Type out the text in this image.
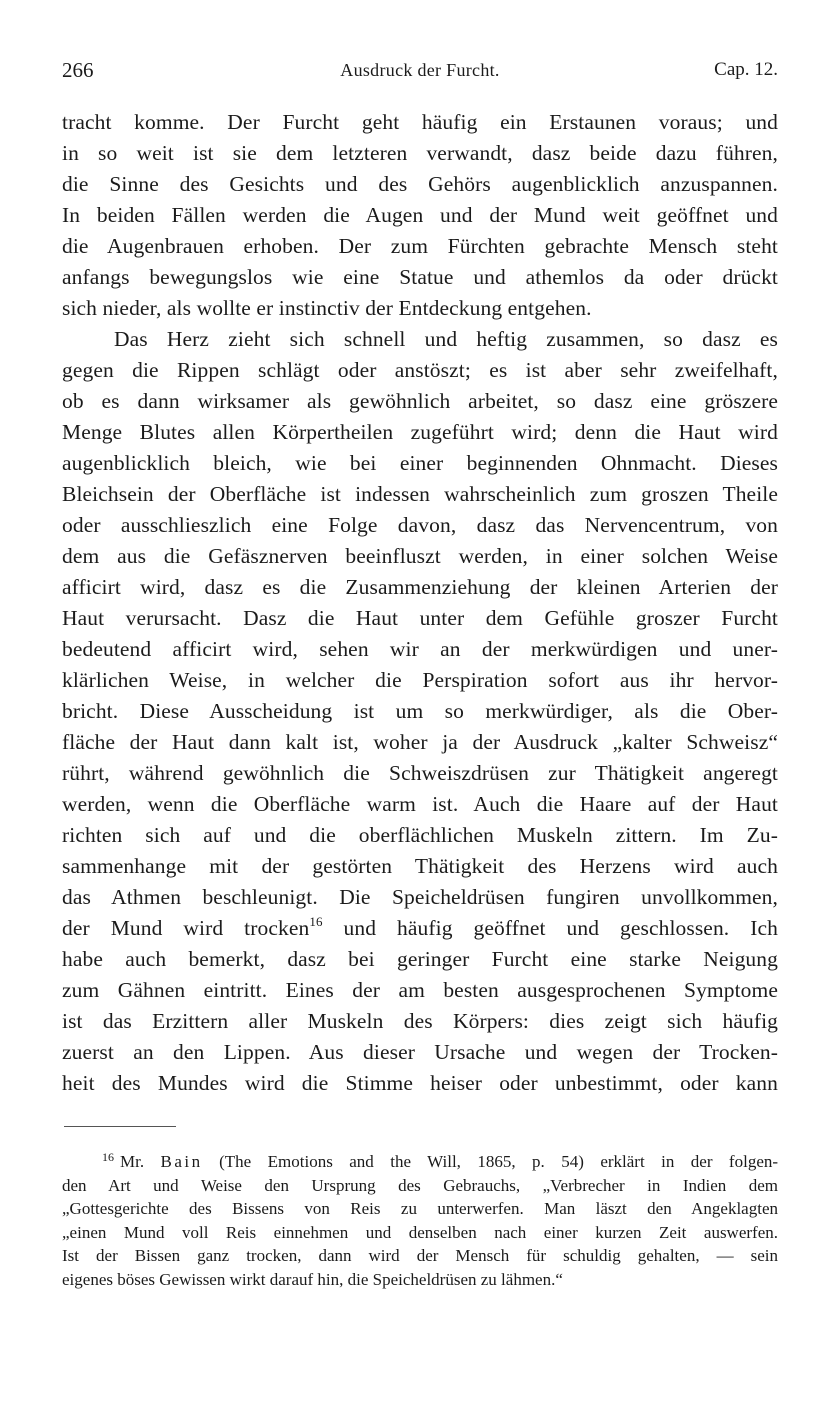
266	Ausdruck der Furcht.	Cap. 12.
tracht komme. Der Furcht geht häufig ein Erstaunen voraus; und
in so weit ist sie dem letzteren verwandt, dasz beide dazu führen,
die Sinne des Gesichts und des Gehörs augenblicklich anzuspannen.
In beiden Fällen werden die Augen und der Mund weit geöffnet und
die Augenbrauen erhoben. Der zum Fürchten gebrachte Mensch steht
anfangs bewegungslos wie eine Statue und athemlos da oder drückt
sich nieder, als wollte er instinctiv der Entdeckung entgehen.
Das Herz zieht sich schnell und heftig zusammen, so dasz es
gegen die Rippen schlägt oder anstöszt; es ist aber sehr zweifelhaft,
ob es dann wirksamer als gewöhnlich arbeitet, so dasz eine gröszere
Menge Blutes allen Körpertheilen zugeführt wird; denn die Haut wird
augenblicklich bleich, wie bei einer beginnenden Ohnmacht. Dieses
Bleichsein der Oberfläche ist indessen wahrscheinlich zum groszen Theile
oder ausschlieszlich eine Folge davon, dasz das Nervencentrum, von
dem aus die Gefäsznerven beeinfluszt werden, in einer solchen Weise
afficirt wird, dasz es die Zusammenziehung der kleinen Arterien der
Haut verursacht. Dasz die Haut unter dem Gefühle groszer Furcht
bedeutend afficirt wird, sehen wir an der merkwürdigen und uner-
klärlichen Weise, in welcher die Perspiration sofort aus ihr hervor-
bricht. Diese Ausscheidung ist um so merkwürdiger, als die Ober-
fläche der Haut dann kalt ist, woher ja der Ausdruck „kalter Schweisz“
rührt, während gewöhnlich die Schweiszdrüsen zur Thätigkeit angeregt
werden, wenn die Oberfläche warm ist. Auch die Haare auf der Haut
richten sich auf und die oberflächlichen Muskeln zittern. Im Zu-
sammenhange mit der gestörten Thätigkeit des Herzens wird auch
das Athmen beschleunigt. Die Speicheldrüsen fungiren unvollkommen,
der Mund wird trocken$^{16}$ und häufig geöffnet und geschlossen. Ich
habe auch bemerkt, dasz bei geringer Furcht eine starke Neigung
zum Gähnen eintritt. Eines der am besten ausgesprochenen Symptome
ist das Erzittern aller Muskeln des Körpers: dies zeigt sich häufig
zuerst an den Lippen. Aus dieser Ursache und wegen der Trocken-
heit des Mundes wird die Stimme heiser oder unbestimmt, oder kann
$^{16}$ Mr. Bain (The Emotions and the Will, 1865, p. 54) erklärt in der folgen-
den Art und Weise den Ursprung des Gebrauchs, „Verbrecher in Indien dem
„Gottesgerichte des Bissens von Reis zu unterwerfen. Man läszt den Angeklagten
„einen Mund voll Reis einnehmen und denselben nach einer kurzen Zeit auswerfen.
Ist der Bissen ganz trocken, dann wird der Mensch für schuldig gehalten, — sein
eigenes böses Gewissen wirkt darauf hin, die Speicheldrüsen zu lähmen.“
